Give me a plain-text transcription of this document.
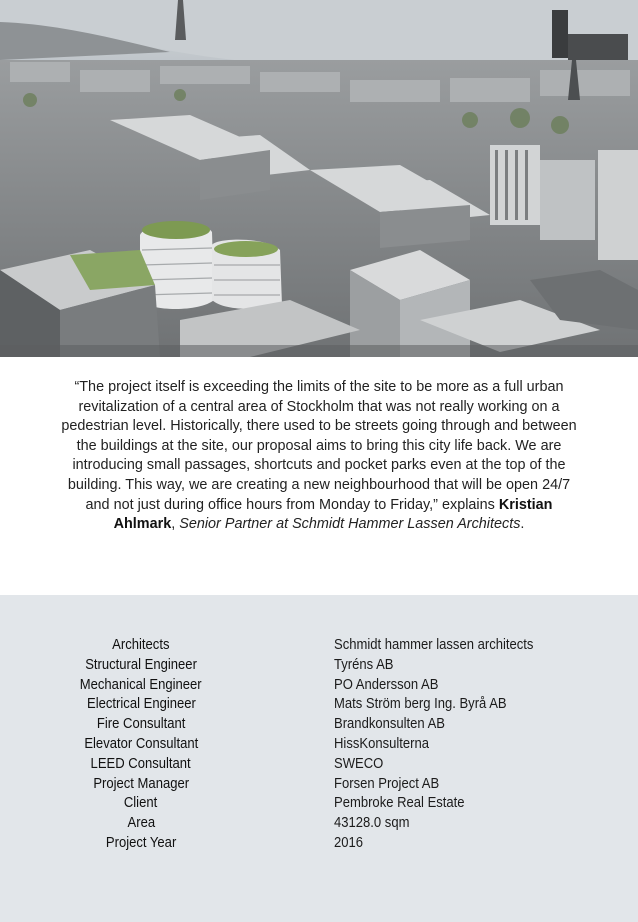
“The project itself is exceeding the limits of the site to be more as a full urban revitalization of a central area of Stockholm that was not really working on a pedestrian level. Historically, there used to be streets going through and between the buildings at the site, our proposal aims to bring this city life back. We are introducing small passages, shortcuts and pocket parks even at the top of the building. This way, we are creating a new neighbourhood that will be open 24/7 and not just during office hours from Monday to Friday,” explains Kristian Ahlmark, Senior Partner at Schmidt Hammer Lassen Architects.
Architects		Schmidt hammer lassen architects
Structural Engineer		Tyréns AB
Mechanical Engineer		PO Andersson AB
Electrical Engineer		Mats Ström berg Ing. Byrå AB
Fire Consultant		Brandkonsulten AB
Elevator Consultant		HissKonsulterna
LEED Consultant		SWECO
Project Manager		Forsen Project AB
Client		Pembroke Real Estate
Area		43128.0 sqm
Project Year		2016
